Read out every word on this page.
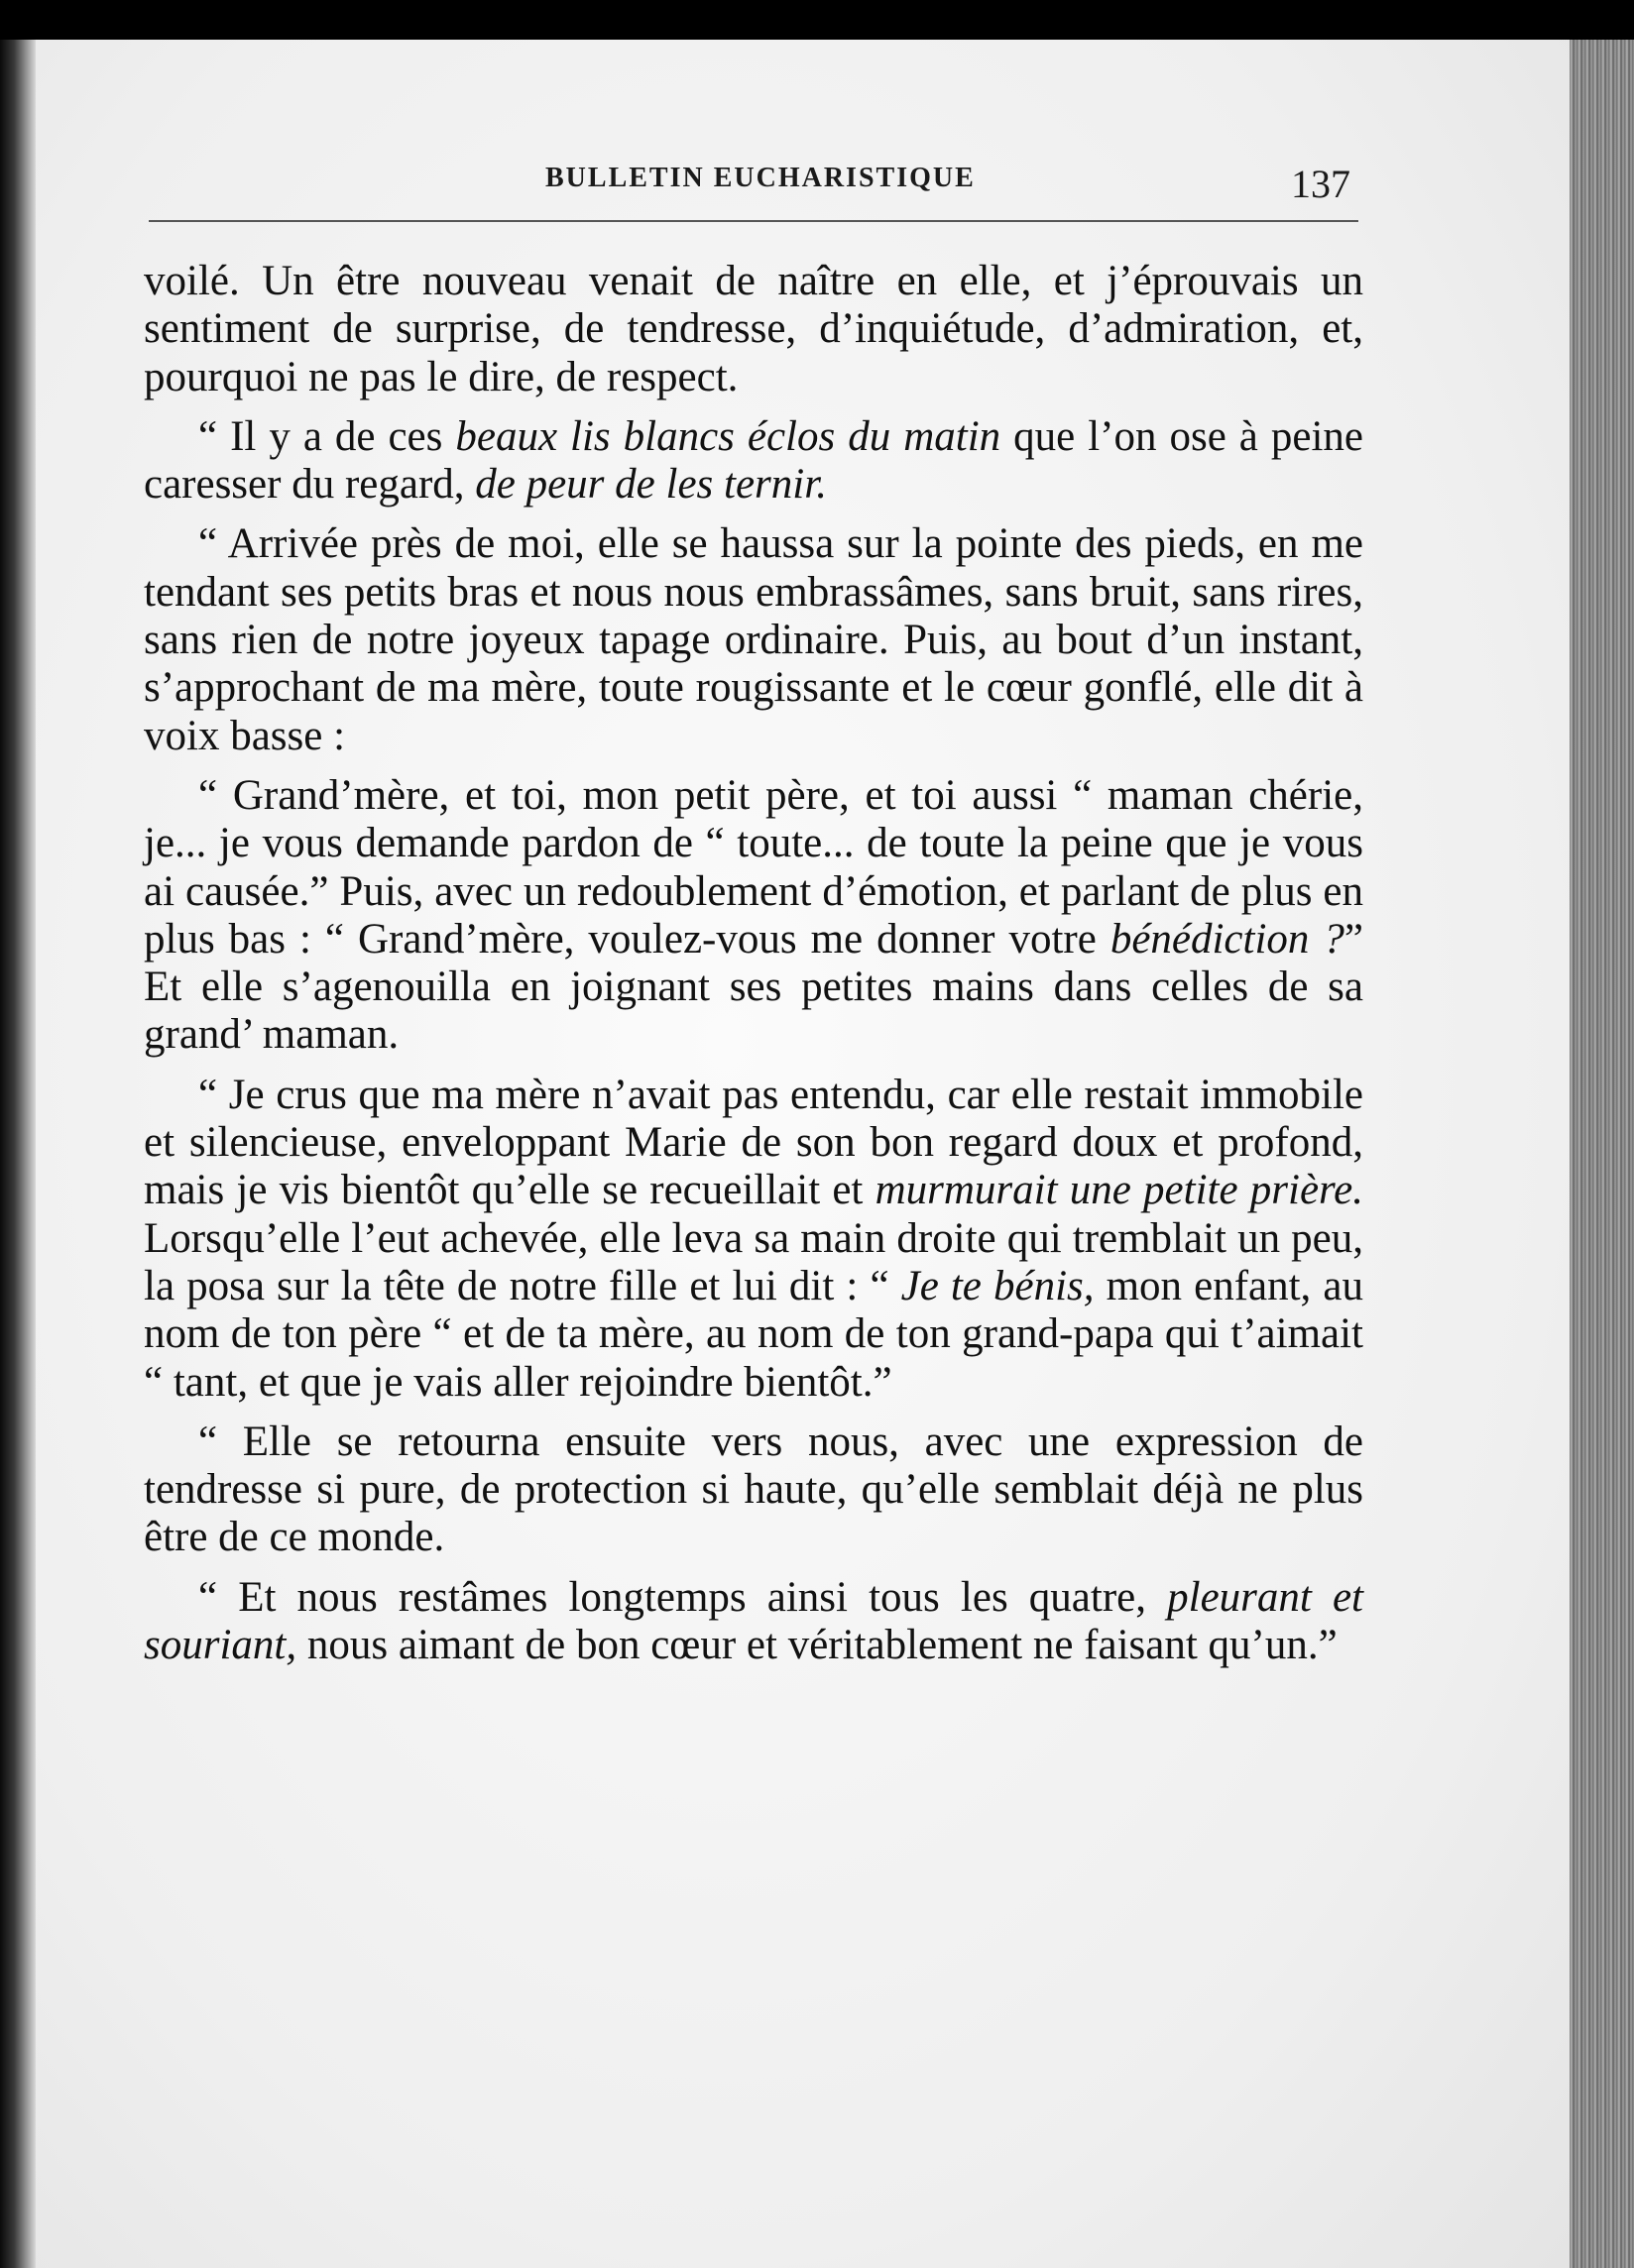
BULLETIN EUCHARISTIQUE	137

voilé. Un être nouveau venait de naître en elle, et j’éprouvais un sentiment de surprise, de tendresse, d’inquiétude, d’admiration, et, pourquoi ne pas le dire, de respect.

“ Il y a de ces beaux lis blancs éclos du matin que l’on ose à peine caresser du regard, de peur de les ternir.

“ Arrivée près de moi, elle se haussa sur la pointe des pieds, en me tendant ses petits bras et nous nous embrassâmes, sans bruit, sans rires, sans rien de notre joyeux tapage ordinaire. Puis, au bout d’un instant, s’approchant de ma mère, toute rougissante et le cœur gonflé, elle dit à voix basse :

“ Grand’mère, et toi, mon petit père, et toi aussi “ maman chérie, je... je vous demande pardon de “ toute... de toute la peine que je vous ai causée.” Puis, avec un redoublement d’émotion, et parlant de plus en plus bas : “ Grand’mère, voulez-vous me donner votre bénédiction ?” Et elle s’agenouilla en joignant ses petites mains dans celles de sa grand’ maman.

“ Je crus que ma mère n’avait pas entendu, car elle restait immobile et silencieuse, enveloppant Marie de son bon regard doux et profond, mais je vis bientôt qu’elle se recueillait et murmurait une petite prière. Lorsqu’elle l’eut achevée, elle leva sa main droite qui tremblait un peu, la posa sur la tête de notre fille et lui dit : “ Je te bénis, mon enfant, au nom de ton père “ et de ta mère, au nom de ton grand-papa qui t’aimait “ tant, et que je vais aller rejoindre bientôt.”

“ Elle se retourna ensuite vers nous, avec une expression de tendresse si pure, de protection si haute, qu’elle semblait déjà ne plus être de ce monde.

“ Et nous restâmes longtemps ainsi tous les quatre, pleurant et souriant, nous aimant de bon cœur et véritablement ne faisant qu’un.”
